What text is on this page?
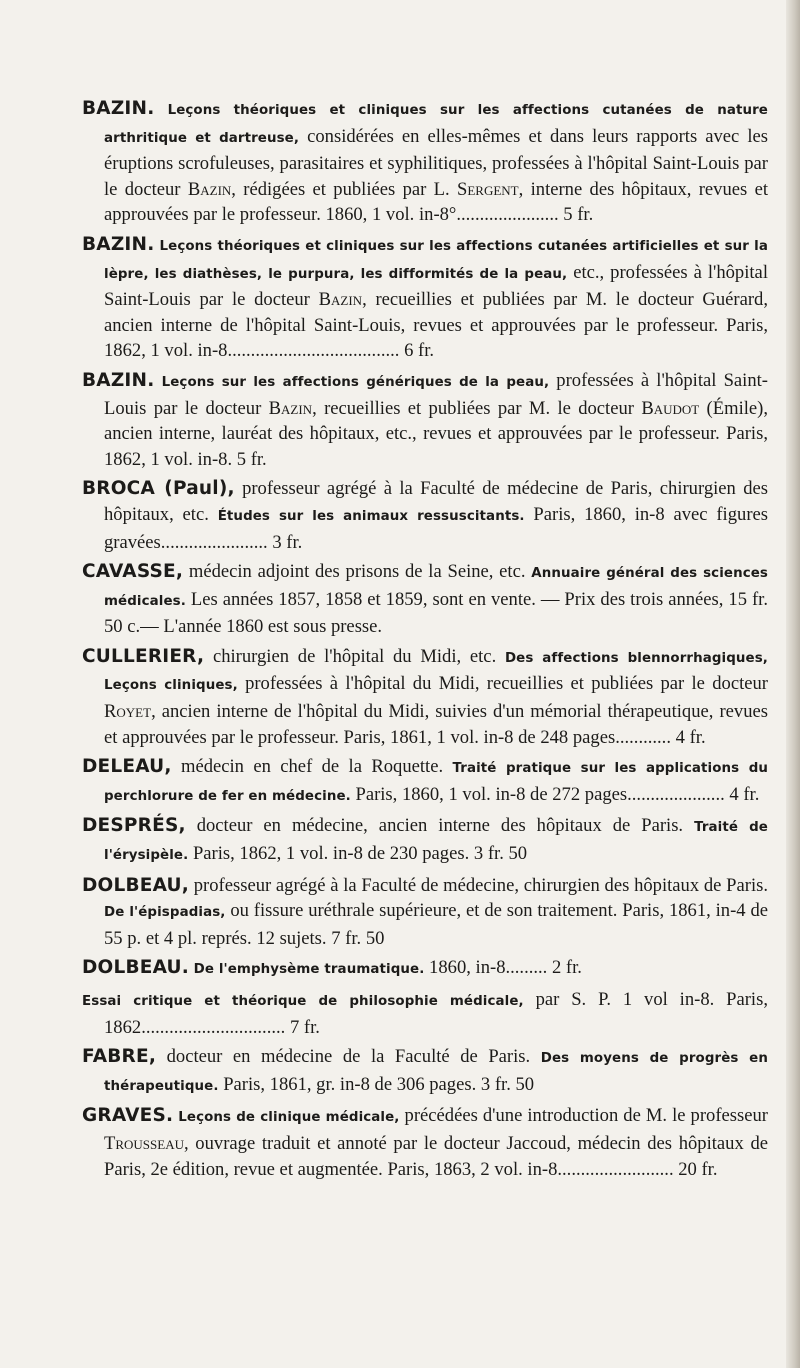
BAZIN. Leçons théoriques et cliniques sur les affections cutanées de nature arthritique et dartreuse, considérées en elles-mêmes et dans leurs rapports avec les éruptions scrofuleuses, parasitaires et syphilitiques, professées à l'hôpital Saint-Louis par le docteur Bazin, rédigées et publiées par L. Sergent, interne des hôpitaux, revues et approuvées par le professeur. 1860, 1 vol. in-8°...................... 5 fr.

BAZIN. Leçons théoriques et cliniques sur les affections cutanées artificielles et sur la lèpre, les diathèses, le purpura, les difformités de la peau, etc., professées à l'hôpital Saint-Louis par le docteur Bazin, recueillies et publiées par M. le docteur Guérard, ancien interne de l'hôpital Saint-Louis, revues et approuvées par le professeur. Paris, 1862, 1 vol. in-8..................................... 6 fr.

BAZIN. Leçons sur les affections génériques de la peau, professées à l'hôpital Saint-Louis par le docteur Bazin, recueillies et publiées par M. le docteur Baudot (Émile), ancien interne, lauréat des hôpitaux, etc., revues et approuvées par le professeur. Paris, 1862, 1 vol. in-8. 5 fr.

BROCA (Paul), professeur agrégé à la Faculté de médecine de Paris, chirurgien des hôpitaux, etc. Études sur les animaux ressuscitants. Paris, 1860, in-8 avec figures gravées....................... 3 fr.

CAVASSE, médecin adjoint des prisons de la Seine, etc. Annuaire général des sciences médicales. Les années 1857, 1858 et 1859, sont en vente. — Prix des trois années, 15 fr. 50 c.— L'année 1860 est sous presse.

CULLERIER, chirurgien de l'hôpital du Midi, etc. Des affections blennorrhagiques, Leçons cliniques, professées à l'hôpital du Midi, recueillies et publiées par le docteur Royet, ancien interne de l'hôpital du Midi, suivies d'un mémorial thérapeutique, revues et approuvées par le professeur. Paris, 1861, 1 vol. in-8 de 248 pages............ 4 fr.

DELEAU, médecin en chef de la Roquette. Traité pratique sur les applications du perchlorure de fer en médecine. Paris, 1860, 1 vol. in-8 de 272 pages..................... 4 fr.

DESPRÉS, docteur en médecine, ancien interne des hôpitaux de Paris. Traité de l'érysipèle. Paris, 1862, 1 vol. in-8 de 230 pages. 3 fr. 50

DOLBEAU, professeur agrégé à la Faculté de médecine, chirurgien des hôpitaux de Paris. De l'épispadias, ou fissure uréthrale supérieure, et de son traitement. Paris, 1861, in-4 de 55 p. et 4 pl. représ. 12 sujets. 7 fr. 50

DOLBEAU. De l'emphysème traumatique. 1860, in-8......... 2 fr.

Essai critique et théorique de philosophie médicale, par S. P. 1 vol in-8. Paris, 1862............................... 7 fr.

FABRE, docteur en médecine de la Faculté de Paris. Des moyens de progrès en thérapeutique. Paris, 1861, gr. in-8 de 306 pages. 3 fr. 50

GRAVES. Leçons de clinique médicale, précédées d'une introduction de M. le professeur Trousseau, ouvrage traduit et annoté par le docteur Jaccoud, médecin des hôpitaux de Paris, 2e édition, revue et augmentée. Paris, 1863, 2 vol. in-8......................... 20 fr.
